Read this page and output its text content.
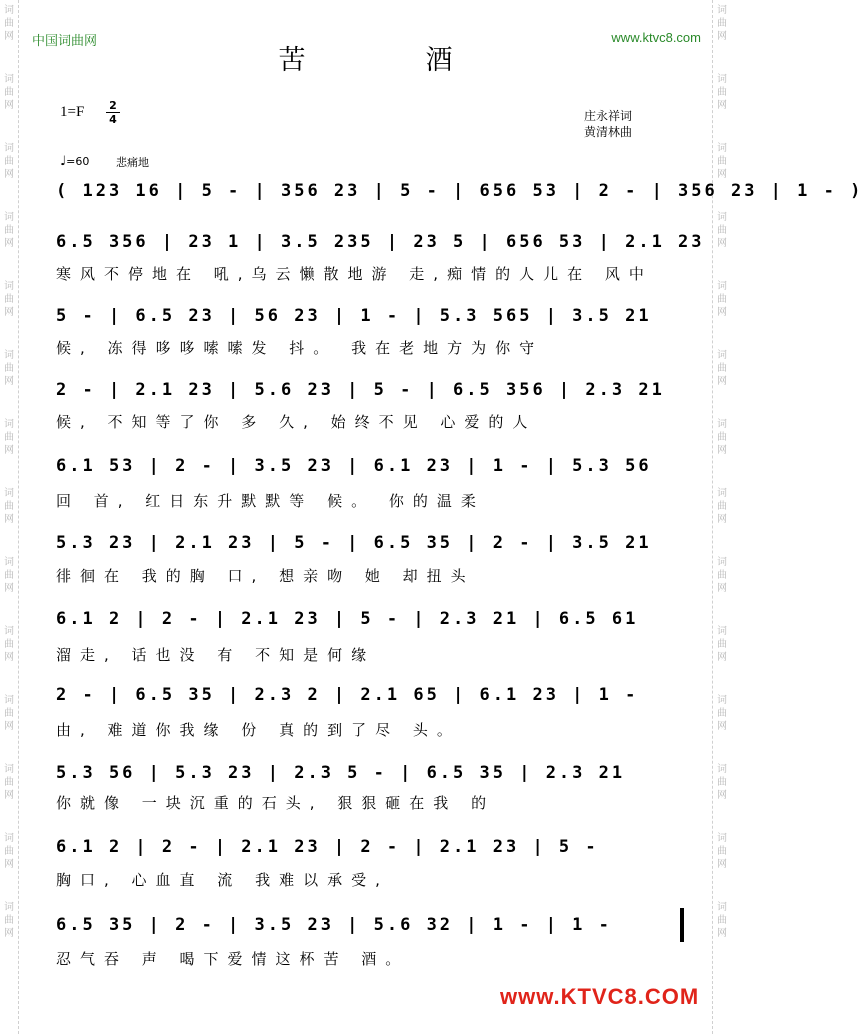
词
曲
网
词
曲
网
词
曲
网
词
曲
网
词
曲
网
词
曲
网
词
曲
网
词
曲
网
词
曲
网
词
曲
网
词
曲
网
词
曲
网
词
曲
网
词
曲
网
词
曲
网
词
曲
网
词
曲
网
词
曲
网
词
曲
网
词
曲
网
词
曲
网
词
曲
网
词
曲
网
词
曲
网
词
曲
网
词
曲
网
词
曲
网
词
曲
网
中国词曲网	www.ktvc8.com
苦酒
1=F 2
4	庄永祥词
黄清林曲
♩=60 悲痛地
( 123 16 | 5 - | 356 23 | 5 - | 656 53 | 2 - | 356 23 | 1 - )
6.5 356 | 23 1 | 3.5 235 | 23 5 | 656 53 | 2.1 23
寒风不停地在 吼,乌云懒散地游 走,痴情的人儿在 风中
5 - | 6.5 23 | 56 23 | 1 - | 5.3 565 | 3.5 21
候, 冻得哆哆嗦嗦发 抖。 我在老地方为你守
2 - | 2.1 23 | 5.6 23 | 5 - | 6.5 356 | 2.3 21
候, 不知等了你 多 久, 始终不见 心爱的人
6.1 53 | 2 - | 3.5 23 | 6.1 23 | 1 - | 5.3 56
回 首, 红日东升默默等 候。 你的温柔
5.3 23 | 2.1 23 | 5 - | 6.5 35 | 2 - | 3.5 21
徘徊在 我的胸 口, 想亲吻 她 却扭头
6.1 2 | 2 - | 2.1 23 | 5 - | 2.3 21 | 6.5 61
溜走, 话也没 有 不知是何缘
2 - | 6.5 35 | 2.3 2 | 2.1 65 | 6.1 23 | 1 -
由, 难道你我缘 份 真的到了尽 头。
5.3 56 | 5.3 23 | 2.3 5 - | 6.5 35 | 2.3 21
你就像 一块沉重的石头, 狠狠砸在我 的
6.1 2 | 2 - | 2.1 23 | 2 - | 2.1 23 | 5 -
胸口, 心血直 流 我难以承受,
6.5 35 | 2 - | 3.5 23 | 5.6 32 | 1 - | 1 -
忍气吞 声 喝下爱情这杯苦 酒。
www.KTVC8.COM
